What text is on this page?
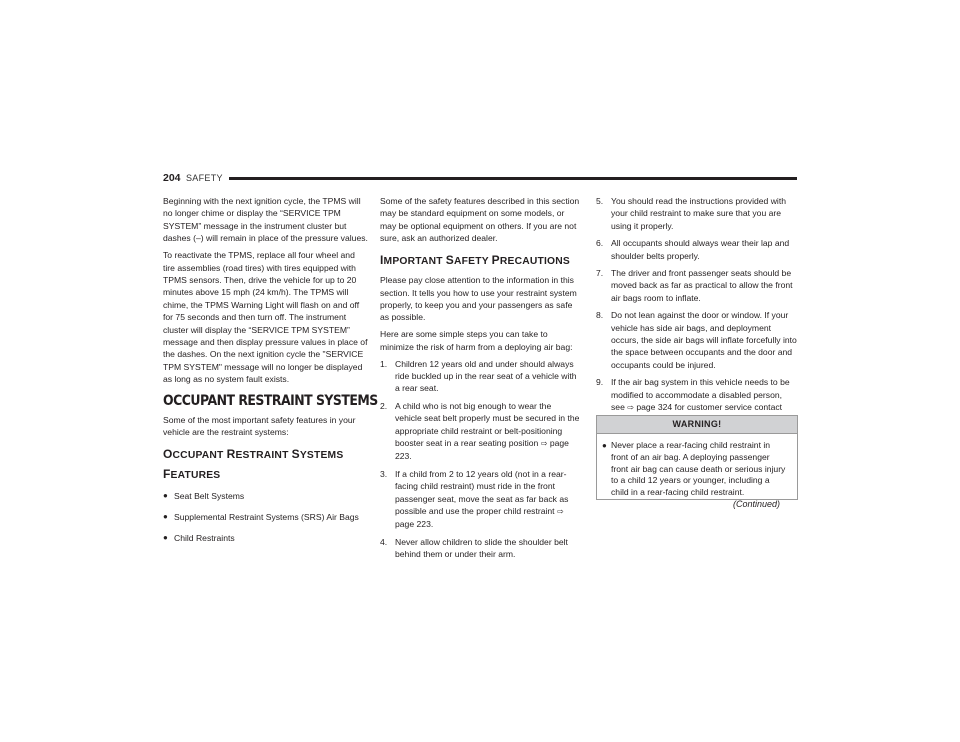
204 SAFETY

Beginning with the next ignition cycle, the TPMS will no longer chime or display the “SERVICE TPM SYSTEM” message in the instrument cluster but dashes (–) will remain in place of the pressure values.

To reactivate the TPMS, replace all four wheel and tire assemblies (road tires) with tires equipped with TPMS sensors. Then, drive the vehicle for up to 20 minutes above 15 mph (24 km/h). The TPMS will chime, the TPMS Warning Light will flash on and off for 75 seconds and then turn off. The instrument cluster will display the “SERVICE TPM SYSTEM” message and then display pressure values in place of the dashes. On the next ignition cycle the "SERVICE TPM SYSTEM" message will no longer be displayed as long as no system fault exists.

OCCUPANT RESTRAINT SYSTEMS

Some of the most important safety features in your vehicle are the restraint systems:

OCCUPANT RESTRAINT SYSTEMS
FEATURES
● Seat Belt Systems
● Supplemental Restraint Systems (SRS) Air Bags
● Child Restraints

Some of the safety features described in this section may be standard equipment on some models, or may be optional equipment on others. If you are not sure, ask an authorized dealer.

IMPORTANT SAFETY PRECAUTIONS

Please pay close attention to the information in this section. It tells you how to use your restraint system properly, to keep you and your passengers as safe as possible.

Here are some simple steps you can take to minimize the risk of harm from a deploying air bag:

1. Children 12 years old and under should always ride buckled up in the rear seat of a vehicle with a rear seat.
2. A child who is not big enough to wear the vehicle seat belt properly must be secured in the appropriate child restraint or belt-positioning booster seat in a rear seating position ⇨ page 223.
3. If a child from 2 to 12 years old (not in a rear-facing child restraint) must ride in the front passenger seat, move the seat as far back as possible and use the proper child restraint ⇨ page 223.
4. Never allow children to slide the shoulder belt behind them or under their arm.
5. You should read the instructions provided with your child restraint to make sure that you are using it properly.
6. All occupants should always wear their lap and shoulder belts properly.
7. The driver and front passenger seats should be moved back as far as practical to allow the front air bags room to inflate.
8. Do not lean against the door or window. If your vehicle has side air bags, and deployment occurs, the side air bags will inflate forcefully into the space between occupants and the door and occupants could be injured.
9. If the air bag system in this vehicle needs to be modified to accommodate a disabled person, see ⇨ page 324 for customer service contact
WARNING!
● Never place a rear-facing child restraint in front of an air bag. A deploying passenger front air bag can cause death or serious injury to a child 12 years or younger, including a child in a rear-facing child restraint.
(Continued)
